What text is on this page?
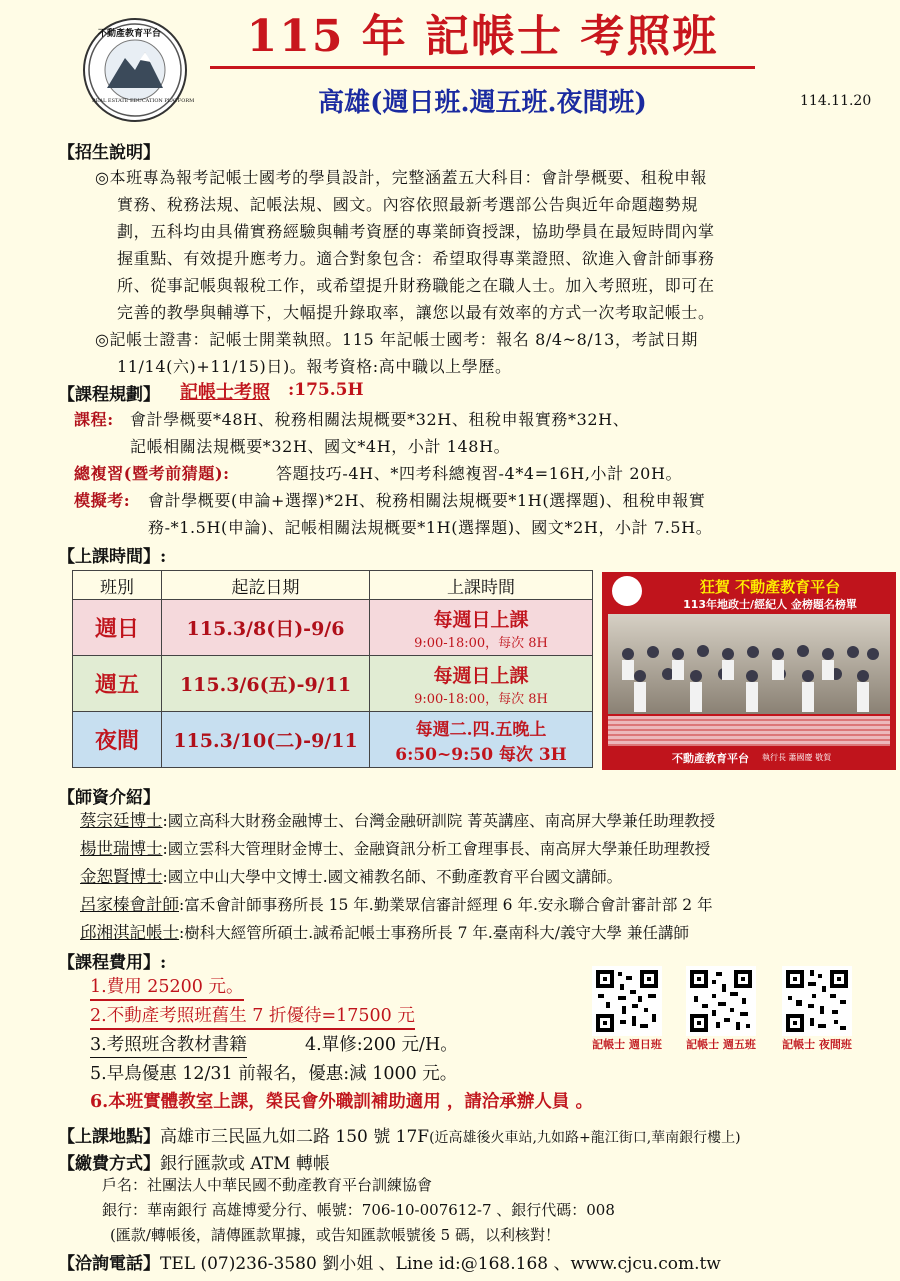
不動產教育平台
REAL ESTATE EDUCATION PLATFORM
115 年 記帳士 考照班
高雄(週日班.週五班.夜間班)	114.11.20
【招生說明】
◎本班專為報考記帳士國考的學員設計，完整涵蓋五大科目：會計學概要、租稅申報
實務、稅務法規、記帳法規、國文。內容依照最新考選部公告與近年命題趨勢規
劃，五科均由具備實務經驗與輔考資歷的專業師資授課，協助學員在最短時間內掌
握重點、有效提升應考力。適合對象包含：希望取得專業證照、欲進入會計師事務
所、從事記帳與報稅工作，或希望提升財務職能之在職人士。加入考照班，即可在
完善的教學與輔導下，大幅提升錄取率，讓您以最有效率的方式一次考取記帳士。
◎記帳士證書：記帳士開業執照。115 年記帳士國考：報名 8/4~8/13，考試日期
11/14(六)+11/15)日)。報考資格:高中職以上學歷。
【課程規劃】 記帳士考照 :175.5H
課程: 會計學概要*48H、稅務相關法規概要*32H、租稅申報實務*32H、
記帳相關法規概要*32H、國文*4H，小計 148H。
總複習(暨考前猜題):	答題技巧-4H、*四考科總複習-4*4=16H,小計 20H。
模擬考: 會計學概要(申論+選擇)*2H、稅務相關法規概要*1H(選擇題)、租稅申報實
務-*1.5H(申論)、記帳相關法規概要*1H(選擇題)、國文*2H，小計 7.5H。
【上課時間】:
班別	起訖日期	上課時間
週日	115.3/8(日)-9/6	每週日上課
9:00-18:00，每次 8H

週五	115.3/6(五)-9/11	每週日上課
9:00-18:00，每次 8H

夜間	115.3/10(二)-9/11	每週二.四.五晚上
6:50~9:50 每次 3H
狂賀 不動產教育平台
113年地政士/經紀人 金榜題名榜單
不動產教育平台 執行長 蕭國慶 敬賀
【師資介紹】
蔡宗廷博士:國立高科大財務金融博士、台灣金融研訓院 菁英講座、南高屏大學兼任助理教授
楊世瑞博士:國立雲科大管理財金博士、金融資訊分析工會理事長、南高屏大學兼任助理教授
金恕賢博士:國立中山大學中文博士.國文補教名師、不動產教育平台國文講師。
呂家榛會計師:富禾會計師事務所長 15 年.勤業眾信審計經理 6 年.安永聯合會計審計部 2 年
邱湘淇記帳士:樹科大經管所碩士.誠希記帳士事務所長 7 年.臺南科大/義守大學 兼任講師
【課程費用】:
1.費用 25200 元。
2.不動產考照班舊生 7 折優待=17500 元
3.考照班含教材書籍	4.單修:200 元/H。
5.早鳥優惠 12/31 前報名，優惠:減 1000 元。
6.本班實體教室上課，榮民會外職訓補助適用 ，請洽承辦人員 。
記帳士 週日班 記帳士 週五班 記帳士 夜間班
【上課地點】高雄市三民區九如二路 150 號 17F(近高雄後火車站,九如路+龍江街口,華南銀行樓上)
【繳費方式】銀行匯款或 ATM 轉帳
戶名：社團法人中華民國不動產教育平台訓練協會
銀行：華南銀行 高雄博愛分行、帳號：706-10-007612-7 、銀行代碼：008
(匯款/轉帳後，請傳匯款單據，或告知匯款帳號後 5 碼，以利核對！
【洽詢電話】TEL (07)236-3580 劉小姐 、Line id:@168.168 、www.cjcu.com.tw
